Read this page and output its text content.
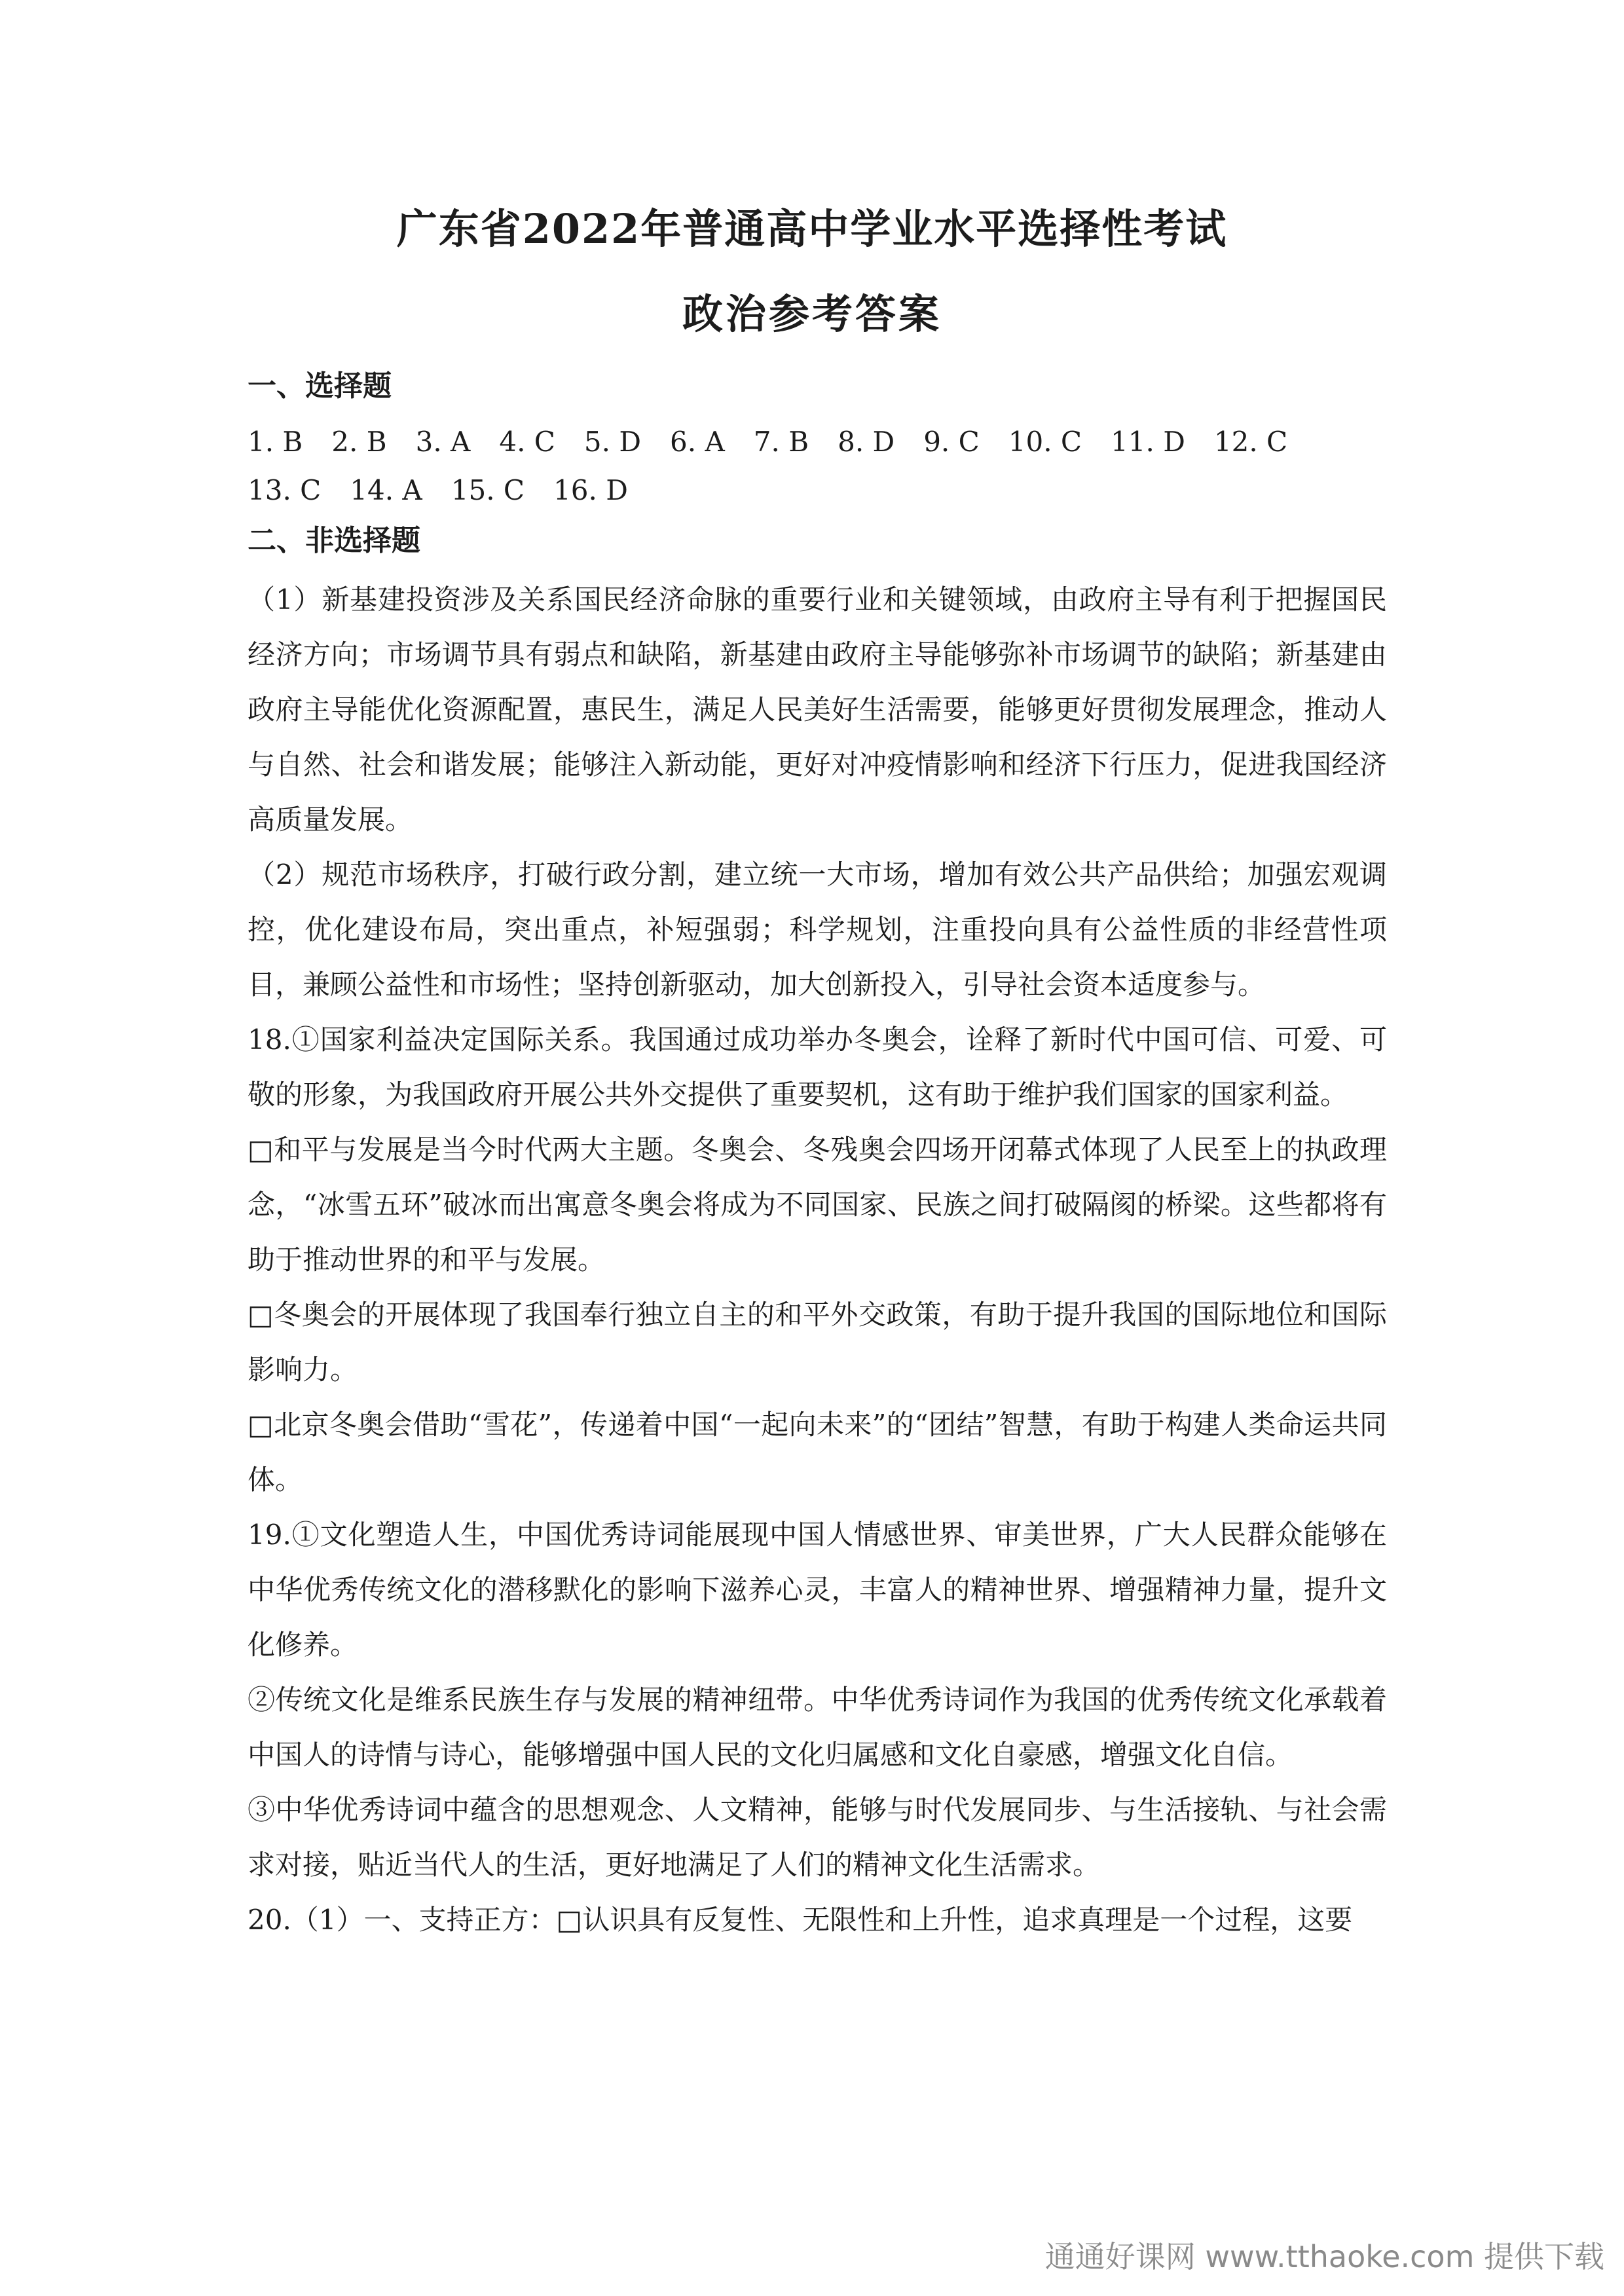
广东省2022年普通高中学业水平选择性考试
政治参考答案
一、选择题
1. B 2. B 3. A 4. C 5. D 6. A 7. B 8. D 9. C 10. C 11. D 12. C13. C 14. A 15. C 16. D
二、非选择题

（1）新基建投资涉及关系国民经济命脉的重要行业和关键领域，由政府主导有利于把握国民经济方向；市场调节具有弱点和缺陷，新基建由政府主导能够弥补市场调节的缺陷；新基建由政府主导能优化资源配置，惠民生，满足人民美好生活需要，能够更好贯彻发展理念，推动人与自然、社会和谐发展；能够注入新动能，更好对冲疫情影响和经济下行压力，促进我国经济高质量发展。

（2）规范市场秩序，打破行政分割，建立统一大市场，增加有效公共产品供给；加强宏观调控，优化建设布局，突出重点，补短强弱；科学规划，注重投向具有公益性质的非经营性项目，兼顾公益性和市场性；坚持创新驱动，加大创新投入，引导社会资本适度参与。

18.①国家利益决定国际关系。我国通过成功举办冬奥会，诠释了新时代中国可信、可爱、可敬的形象，为我国政府开展公共外交提供了重要契机，这有助于维护我们国家的国家利益。

□和平与发展是当今时代两大主题。冬奥会、冬残奥会四场开闭幕式体现了人民至上的执政理念，“冰雪五环”破冰而出寓意冬奥会将成为不同国家、民族之间打破隔阂的桥梁。这些都将有助于推动世界的和平与发展。

□冬奥会的开展体现了我国奉行独立自主的和平外交政策，有助于提升我国的国际地位和国际影响力。

□北京冬奥会借助“雪花”，传递着中国“一起向未来”的“团结”智慧，有助于构建人类命运共同体。

19.①文化塑造人生，中国优秀诗词能展现中国人情感世界、审美世界，广大人民群众能够在中华优秀传统文化的潜移默化的影响下滋养心灵，丰富人的精神世界、增强精神力量，提升文化修养。

②传统文化是维系民族生存与发展的精神纽带。中华优秀诗词作为我国的优秀传统文化承载着中国人的诗情与诗心，能够增强中国人民的文化归属感和文化自豪感，增强文化自信。

③中华优秀诗词中蕴含的思想观念、人文精神，能够与时代发展同步、与生活接轨、与社会需求对接，贴近当代人的生活，更好地满足了人们的精神文化生活需求。

20.（1）一、支持正方：□认识具有反复性、无限性和上升性，追求真理是一个过程，这要

通通好课网 www.tthaoke.com 提供下载
